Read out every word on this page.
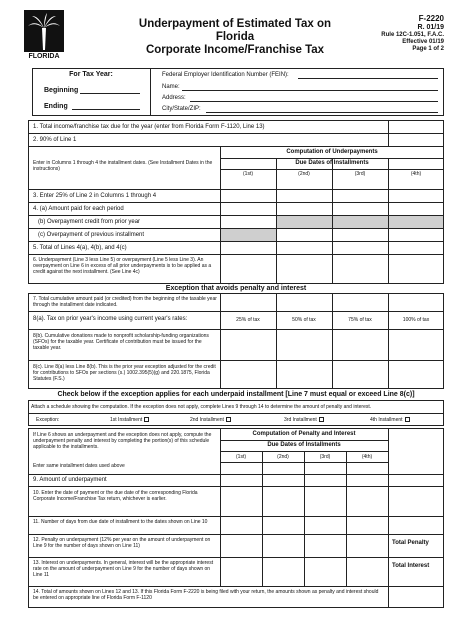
FLORIDA
Underpayment of Estimated Tax on Florida
Corporate Income/Franchise Tax
F-2220
R. 01/19
Rule 12C-1.051, F.A.C.
Effective 01/19
Page 1 of 2
For Tax Year:
Beginning
Ending
Federal Employer Identification Number (FEIN):
Name:
Address:
City/State/ZIP:
1. Total income/franchise tax due for the year (enter from Florida Form F-1120, Line 13)
2. 90% of Line 1
Computation of Underpayments
Due Dates of Installments
Enter in Columns 1 through 4 the installment dates. (See Installment Dates in the instructions)
(1st)	(2nd)	(3rd)	(4th)
3. Enter 25% of Line 2 in Columns 1 through 4
4. (a) Amount paid for each period
(b) Overpayment credit from prior year
(c) Overpayment of previous installment
5. Total of Lines 4(a), 4(b), and 4(c)
6. Underpayment (Line 3 less Line 5) or overpayment (Line 5 less Line 3). An overpayment on Line 6 in excess of all prior underpayments is to be applied as a credit against the next installment. (See Line 4c)
Exception that avoids penalty and interest
7. Total cumulative amount paid (or credited) from the beginning of the taxable year through the installment date indicated.
8(a). Tax on prior year's income using current year's rates:	25% of tax	50% of tax	75% of tax	100% of tax
8(b). Cumulative donations made to nonprofit scholarship-funding organizations (SFOs) for the taxable year. Certificate of contribution must be issued for the taxable year.
8(c). Line 8(a) less Line 8(b). This is the prior year exception adjusted for the credit for contributions to SFOs per sections (s.) 1002.395(5)(g) and 220.1875, Florida Statutes (F.S.)
Check below if the exception applies for each underpaid installment [Line 7 must equal or exceed Line 8(c)]
Attach a schedule showing the computation. If the exception does not apply, complete Lines 9 through 14 to determine the amount of penalty and interest.
Exception:	1st Installment	2nd Installment	3rd Installment	4th Installment
Computation of Penalty and Interest
Due Dates of Installments
If Line 6 shows an underpayment and the exception does not apply, compute the underpayment penalty and interest by completing the portion(s) of this schedule applicable to the installments.
Enter same installment dates used above
(1st)	(2nd)	(3rd)	(4th)
9. Amount of underpayment
10. Enter the date of payment or the due date of the corresponding Florida Corporate Income/Franchise Tax return, whichever is earlier.
11. Number of days from due date of installment to the dates shown on Line 10
12. Penalty on underpayment (12% per year on the amount of underpayment on Line 9 for the number of days shown on Line 11)	Total Penalty
13. Interest on underpayments. In general, interest will be the appropriate interest rate on the amount of underpayment on Line 9 for the number of days shown on Line 11
Total Interest
14. Total of amounts shown on Lines 12 and 13. If this Florida Form F-2220 is being filed with your return, the amounts shown as penalty and interest should be entered on appropriate line of Florida Form F-1120
